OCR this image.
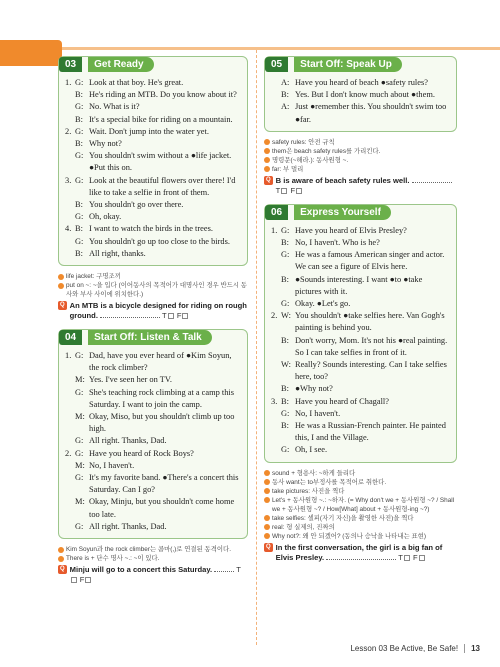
03	Get Ready
1. G: Look at that boy. He's great.
B: He's riding an MTB. Do you know about it?
G: No. What is it?
B: It's a special bike for riding on a mountain.
2. G: Wait. Don't jump into the water yet.
B: Why not?
G: You shouldn't swim without a ●life jacket. ●Put this on.
3. G: Look at the beautiful flowers over there! I'd like to take a selfie in front of them.
B: You shouldn't go over there.
G: Oh, okay.
4. B: I want to watch the birds in the trees.
G: You shouldn't go up too close to the birds.
B: All right, thanks.
life jacket: 구명조끼
put on ~: ~을 입다 (이어동사의 목적어가 대명사인 경우 반드시 동사와 부사 사이에 위치한다.)
Q An MTB is a bicycle designed for riding on rough ground.	T F
04	Start Off: Listen & Talk
1. G: Dad, have you ever heard of ●Kim Soyun, the rock climber?
M: Yes. I've seen her on TV.
G: She's teaching rock climbing at a camp this Saturday. I want to join the camp.
M: Okay, Miso, but you shouldn't climb up too high.
G: All right. Thanks, Dad.
2. G: Have you heard of Rock Boys?
M: No, I haven't.
G: It's my favorite band. ●There's a concert this Saturday. Can I go?
M: Okay, Minju, but you shouldn't come home too late.
G: All right. Thanks, Dad.
Kim Soyun과 the rock climber는 콤마(,)로 연결된 동격이다.
There is + 단수 명사 ~.: ~이 있다.
Q Minju will go to a concert this Saturday.	T F
05	Start Off: Speak Up
A: Have you heard of beach ●safety rules?
B: Yes. But I don't know much about ●them.
A: Just ●remember this. You shouldn't swim too ●far.
safety rules: 안전 규칙
them은 beach safety rules를 가리킨다.
명령문(~해라.): 동사원형 ~.
far: 부 멀리
Q B is aware of beach safety rules well.  T F
06	Express Yourself
1. G: Have you heard of Elvis Presley?
B: No, I haven't. Who is he?
G: He was a famous American singer and actor. We can see a figure of Elvis here.
B: ●Sounds interesting. I want ●to ●take pictures with it.
G: Okay. ●Let's go.
2. W: You shouldn't ●take selfies here. Van Gogh's painting is behind you.
B: Don't worry, Mom. It's not his ●real painting. So I can take selfies in front of it.
W: Really? Sounds interesting. Can I take selfies here, too?
B: ●Why not?
3. B: Have you heard of Chagall?
G: No, I haven't.
B: He was a Russian-French painter. He painted this, I and the Village.
G: Oh, I see.
sound + 형용사: ~하게 들리다
동사 want는 to부정사를 목적어로 취한다.
take pictures: 사진을 찍다
Let's + 동사원형 ~.: ~하자. (= Why don't we + 동사원형 ~? / Shall we + 동사원형 ~? / How[What] about + 동사원형-ing ~?)
take selfies: 셀피(자기 자신)을 촬영한 사진)을 찍다
real: 형 실제의, 진짜의
Why not?: 왜 안 되겠어? (동의나 승낙을 나타내는 표현)
Q In the first conversation, the girl is a big fan of Elvis Presley.	T F
Lesson 03 Be Active, Be Safe! 13
